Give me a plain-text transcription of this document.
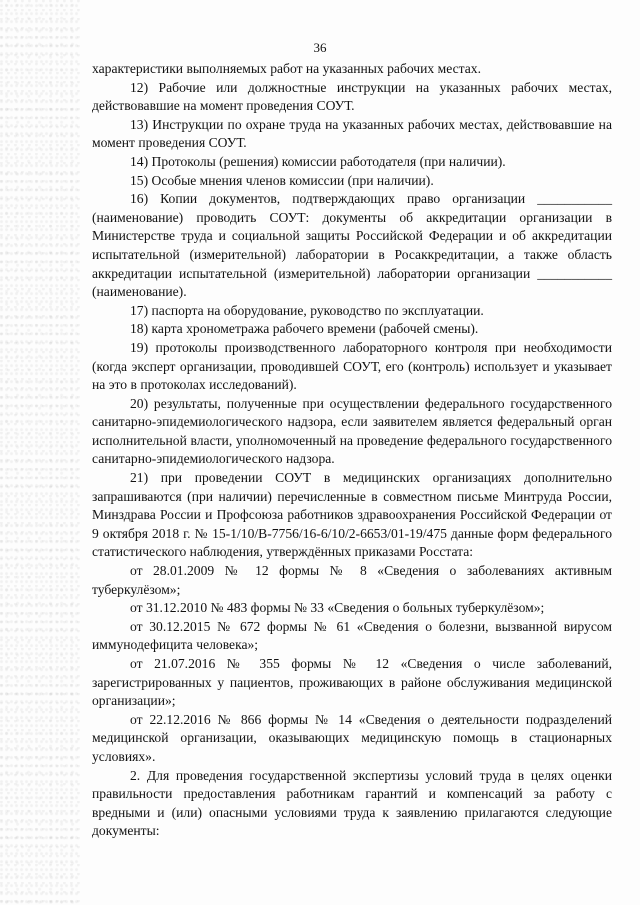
36

характеристики выполняемых работ на указанных рабочих местах.

12) Рабочие или должностные инструкции на указанных рабочих местах, действовавшие на момент проведения СОУТ.

13) Инструкции по охране труда на указанных рабочих местах, действовавшие на момент проведения СОУТ.

14) Протоколы (решения) комиссии работодателя (при наличии).

15) Особые мнения членов комиссии (при наличии).

16) Копии документов, подтверждающих право организации ___________ (наименование) проводить СОУТ: документы об аккредитации организации в Министерстве труда и социальной защиты Российской Федерации и об аккредитации испытательной (измерительной) лаборатории в Росаккредитации, а также область аккредитации испытательной (измерительной) лаборатории организации ___________ (наименование).

17) паспорта на оборудование, руководство по эксплуатации.

18) карта хронометража рабочего времени (рабочей смены).

19) протоколы производственного лабораторного контроля при необходимости (когда эксперт организации, проводившей СОУТ, его (контроль) использует и указывает на это в протоколах исследований).

20) результаты, полученные при осуществлении федерального государственного санитарно-эпидемиологического надзора, если заявителем является федеральный орган исполнительной власти, уполномоченный на проведение федерального государственного санитарно-эпидемиологического надзора.

21) при проведении СОУТ в медицинских организациях дополнительно запрашиваются (при наличии) перечисленные в совместном письме Минтруда России, Минздрава России и Профсоюза работников здравоохранения Российской Федерации от 9 октября 2018 г. № 15-1/10/В-7756/16-6/10/2-6653/01-19/475 данные форм федерального статистического наблюдения, утверждённых приказами Росстата:

от 28.01.2009 № 12 формы № 8 «Сведения о заболеваниях активным туберкулёзом»;

от 31.12.2010 № 483 формы № 33 «Сведения о больных туберкулёзом»;

от 30.12.2015 № 672 формы № 61 «Сведения о болезни, вызванной вирусом иммунодефицита человека»;

от 21.07.2016 № 355 формы № 12 «Сведения о числе заболеваний, зарегистрированных у пациентов, проживающих в районе обслуживания медицинской организации»;

от 22.12.2016 № 866 формы № 14 «Сведения о деятельности подразделений медицинской организации, оказывающих медицинскую помощь в стационарных условиях».

2. Для проведения государственной экспертизы условий труда в целях оценки правильности предоставления работникам гарантий и компенсаций за работу с вредными и (или) опасными условиями труда к заявлению прилагаются следующие документы:
